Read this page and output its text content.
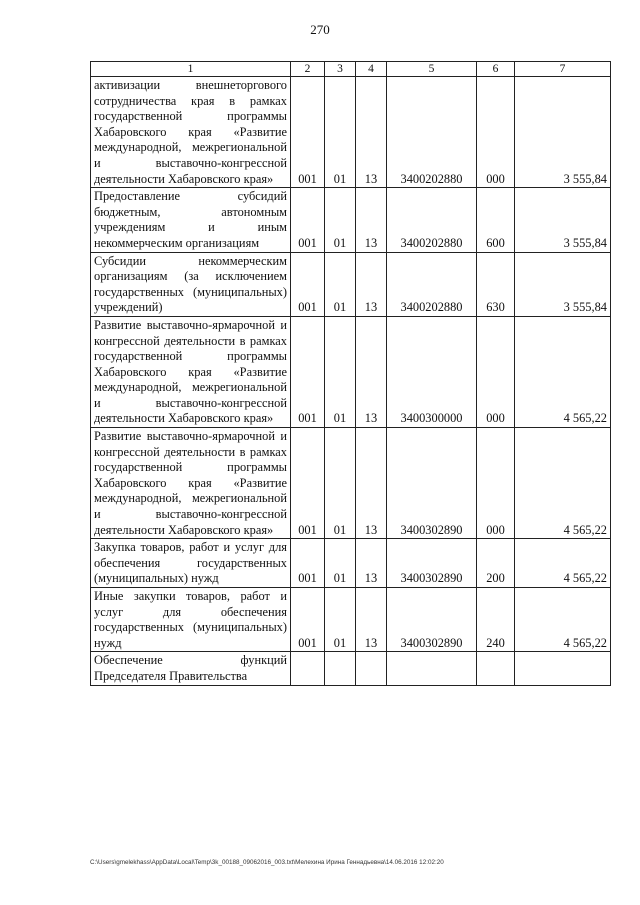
270
1	2	3	4	5	6	7

активизации внешнеторгового сотрудничества края в рамках государственной программы Хабаровского края «Развитие международной, межрегиональной и выставочно-конгрессной деятельности Хабаровского края»	001	01	13	3400202880	000	3 555,84

Предоставление субсидий бюджетным, автономным учреждениям и иным некоммерческим организациям	001	01	13	3400202880	600	3 555,84

Субсидии некоммерческим организациям (за исключением государственных (муниципальных) учреждений)	001	01	13	3400202880	630	3 555,84

Развитие выставочно-ярмарочной и конгрессной деятельности в рамках государственной программы Хабаровского края «Развитие международной, межрегиональной и выставочно-конгрессной деятельности Хабаровского края»	001	01	13	3400300000	000	4 565,22

Развитие выставочно-ярмарочной и конгрессной деятельности в рамках государственной программы Хабаровского края «Развитие международной, межрегиональной и выставочно-конгрессной деятельности Хабаровского края»	001	01	13	3400302890	000	4 565,22

Закупка товаров, работ и услуг для обеспечения государственных (муниципальных) нужд	001	01	13	3400302890	200	4 565,22

Иные закупки товаров, работ и услуг для обеспечения государственных (муниципальных) нужд	001	01	13	3400302890	240	4 565,22

Обеспечение функций Председателя Правительства						

C:\Users\gmelekhass\AppData\Local\Temp\3k_00188_09062016_003.txt\Мелехина Ирина Геннадьевна\14.06.2016 12:02:20
